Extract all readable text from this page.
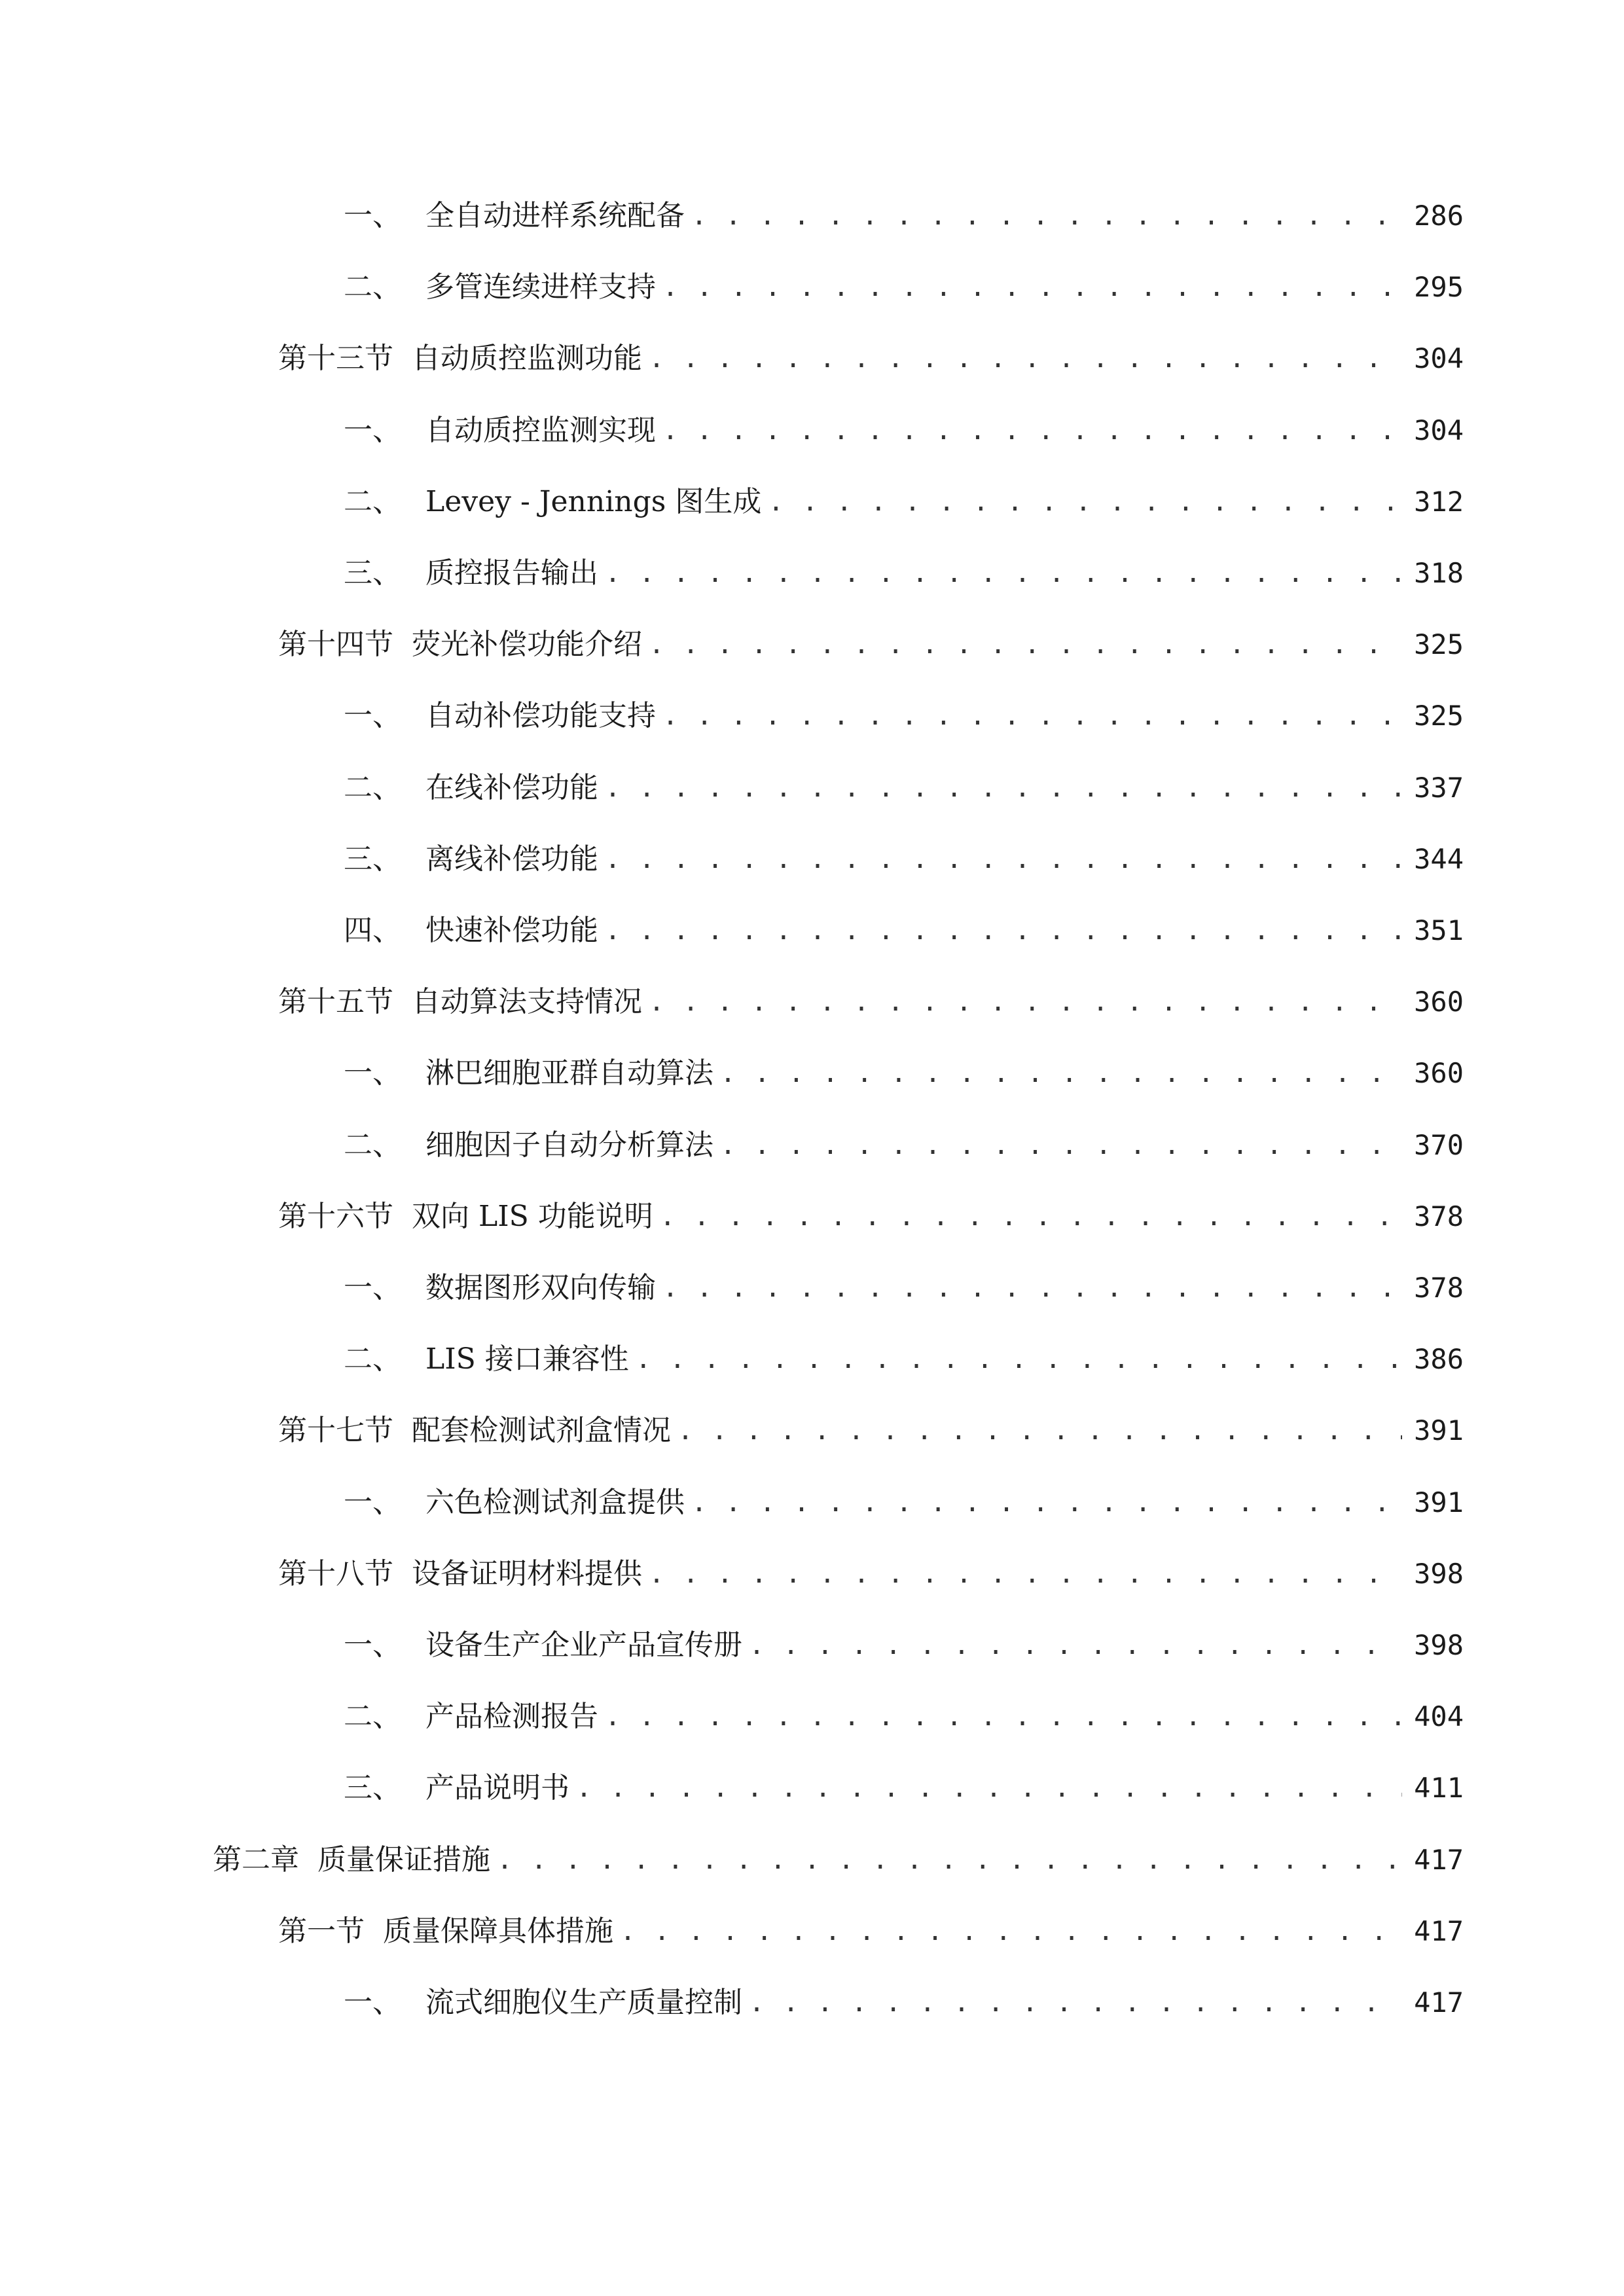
一、 全自动进样系统配备 . . .	286
二、 多管连续进样支持 . . .	295
第十三节 自动质控监测功能 . . .	304
一、 自动质控监测实现 . . .	304
二、 Levey - Jennings 图生成 . . .	312
三、 质控报告输出 . . .	318
第十四节 荧光补偿功能介绍 . . .	325
一、 自动补偿功能支持 . . .	325
二、 在线补偿功能 . . .	337
三、 离线补偿功能 . . .	344
四、 快速补偿功能 . . .	351
第十五节 自动算法支持情况 . . .	360
一、 淋巴细胞亚群自动算法 . . .	360
二、 细胞因子自动分析算法 . . .	370
第十六节 双向 LIS 功能说明 . . .	378
一、 数据图形双向传输 . . .	378
二、 LIS 接口兼容性 . . .	386
第十七节 配套检测试剂盒情况 . . .	391
一、 六色检测试剂盒提供 . . .	391
第十八节 设备证明材料提供 . . .	398
一、 设备生产企业产品宣传册 . . .	398
二、 产品检测报告 . . .	404
三、 产品说明书 . . .	411
第二章 质量保证措施 . . .	417
第一节 质量保障具体措施 . . .	417
一、 流式细胞仪生产质量控制 . . .	417
